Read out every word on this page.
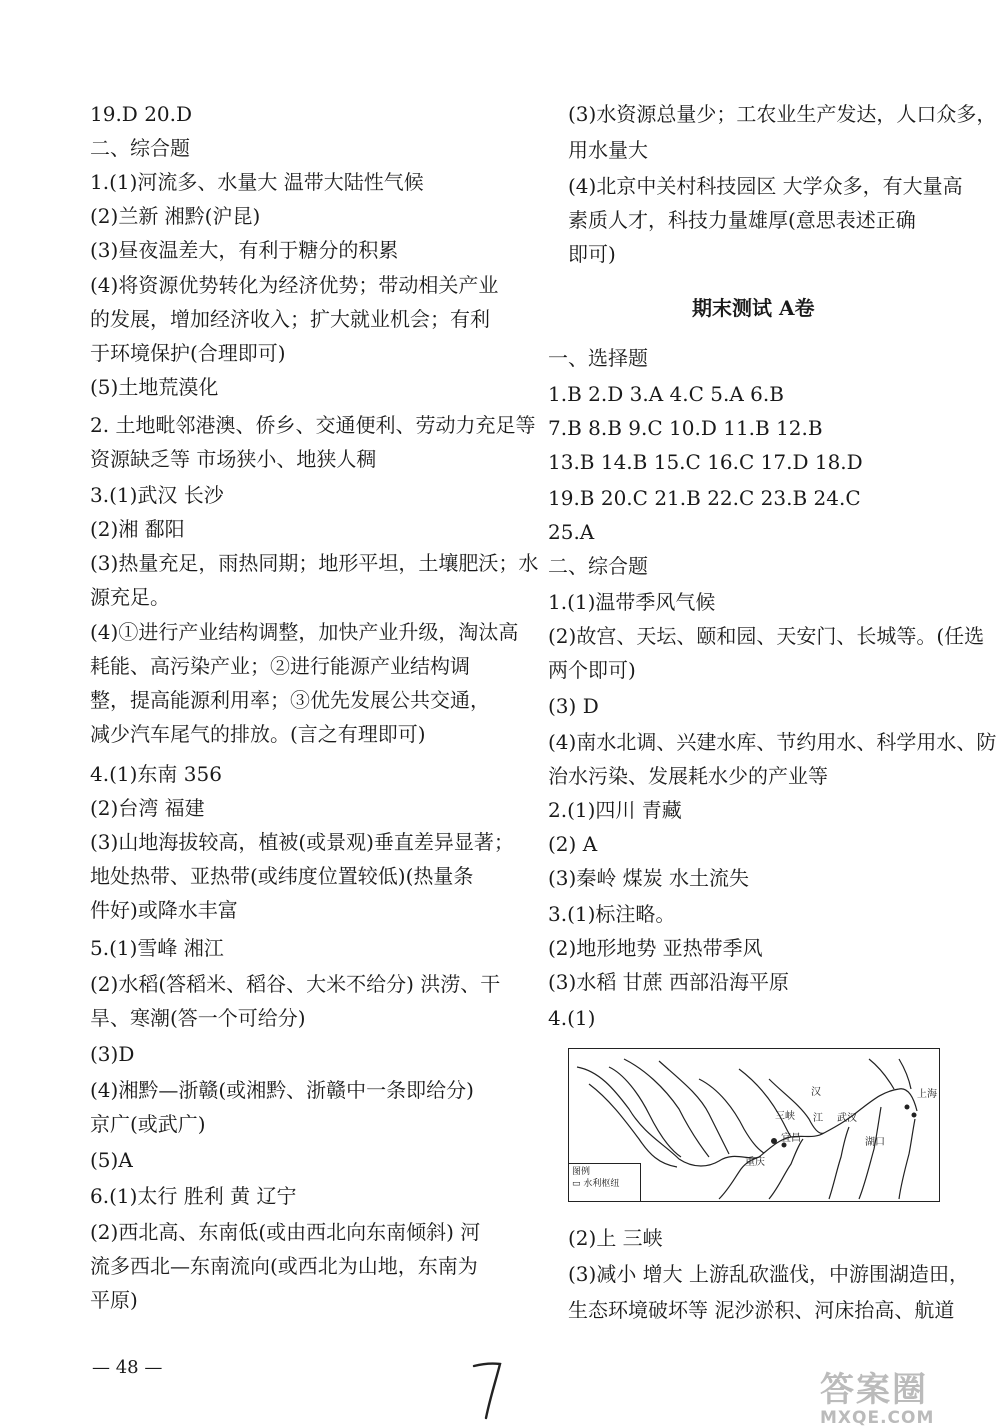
19.D 20.D
二、综合题
1.(1)河流多、水量大 温带大陆性气候
(2)兰新 湘黔(沪昆)
(3)昼夜温差大，有利于糖分的积累
(4)将资源优势转化为经济优势；带动相关产业
的发展，增加经济收入；扩大就业机会；有利
于环境保护(合理即可)
(5)土地荒漠化
2. 土地毗邻港澳、侨乡、交通便利、劳动力充足等
资源缺乏等 市场狭小、地狭人稠
3.(1)武汉 长沙
(2)湘 鄱阳
(3)热量充足，雨热同期；地形平坦，土壤肥沃；水
源充足。
(4)①进行产业结构调整，加快产业升级，淘汰高
耗能、高污染产业；②进行能源产业结构调
整，提高能源利用率；③优先发展公共交通，
减少汽车尾气的排放。(言之有理即可)
4.(1)东南 356
(2)台湾 福建
(3)山地海拔较高，植被(或景观)垂直差异显著；
地处热带、亚热带(或纬度位置较低)(热量条
件好)或降水丰富
5.(1)雪峰 湘江
(2)水稻(答稻米、稻谷、大米不给分) 洪涝、干
旱、寒潮(答一个可给分)
(3)D
(4)湘黔—浙赣(或湘黔、浙赣中一条即给分)
京广(或武广)
(5)A
6.(1)太行 胜利 黄 辽宁
(2)西北高、东南低(或由西北向东南倾斜) 河
流多西北—东南流向(或西北为山地，东南为
平原)
(3)水资源总量少；工农业生产发达，人口众多，
用水量大
(4)北京中关村科技园区 大学众多，有大量高
素质人才，科技力量雄厚(意思表述正确
即可)
期末测试 A卷
一、选择题
1.B 2.D 3.A 4.C 5.A 6.B
7.B 8.B 9.C 10.D 11.B 12.B
13.B 14.B 15.C 16.C 17.D 18.D
19.B 20.C 21.B 22.C 23.B 24.C
25.A
二、综合题
1.(1)温带季风气候
(2)故宫、天坛、颐和园、天安门、长城等。(任选
两个即可)
(3) D
(4)南水北调、兴建水库、节约用水、科学用水、防
治水污染、发展耗水少的产业等
2.(1)四川 青藏
(2) A
(3)秦岭 煤炭 水土流失
3.(1)标注略。
(2)地形地势 亚热带季风
(3)水稻 甘蔗 西部沿海平原
4.(1)
汉
江
三峡
宜昌
武汉
重庆
湖口
上海
图例
▭ 水利枢纽
(2)上 三峡
(3)减小 增大 上游乱砍滥伐，中游围湖造田，
生态环境破坏等 泥沙淤积、河床抬高、航道
— 48 —
答案圈
MXQE.COM
